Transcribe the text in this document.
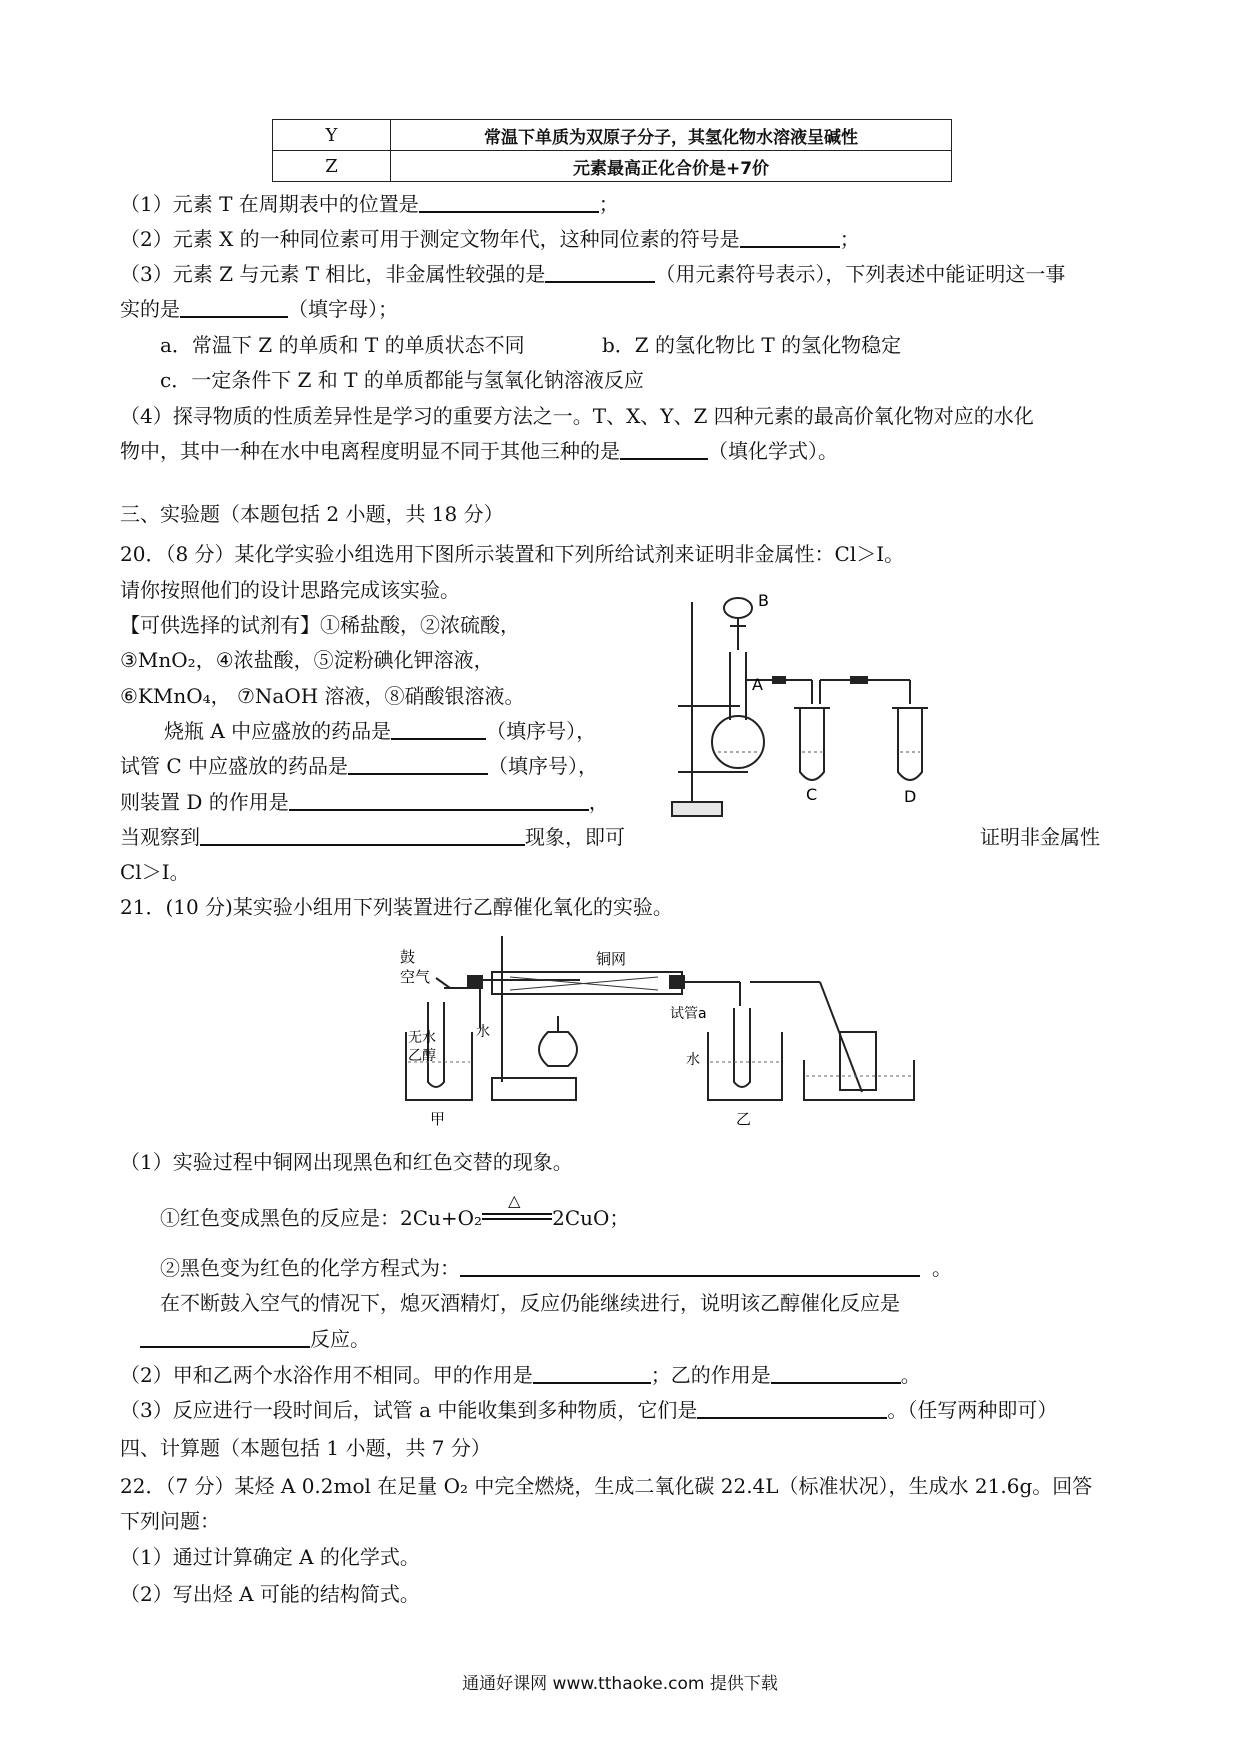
Y	常温下单质为双原子分子，其氢化物水溶液呈碱性
Z	元素最高正化合价是+7价
（1）元素 T 在周期表中的位置是	；
（2）元素 X 的一种同位素可用于测定文物年代，这种同位素的符号是	；
（3）元素 Z 与元素 T 相比，非金属性较强的是	（用元素符号表示），下列表述中能证明这一事
实的是	（填字母）；
a．常温下 Z 的单质和 T 的单质状态不同	b．Z 的氢化物比 T 的氢化物稳定
c．一定条件下 Z 和 T 的单质都能与氢氧化钠溶液反应
（4）探寻物质的性质差异性是学习的重要方法之一。T、X、Y、Z 四种元素的最高价氧化物对应的水化
物中，其中一种在水中电离程度明显不同于其他三种的是	（填化学式）。
三、实验题（本题包括 2 小题，共 18 分）
20．（8 分）某化学实验小组选用下图所示装置和下列所给试剂来证明非金属性：Cl＞I。
请你按照他们的设计思路完成该实验。
【可供选择的试剂有】①稀盐酸，②浓硫酸，
③MnO₂，④浓盐酸，⑤淀粉碘化钾溶液，
⑥KMnO₄， ⑦NaOH 溶液，⑧硝酸银溶液。
烧瓶 A 中应盛放的药品是	（填序号），
试管 C 中应盛放的药品是	（填序号），
则装置 D 的作用是	，
当观察到	现象，即可	证明非金属性
Cl＞I。
B
A
C	D
21．(10 分)某实验小组用下列装置进行乙醇催化氧化的实验。
鼓
空气
铜网
试管a
无水
乙醇
水
水
甲	乙
（1）实验过程中铜网出现黑色和红色交替的现象。
①红色变成黑色的反应是：2Cu+O₂
△
2CuO；
②黑色变为红色的化学方程式为：	。
在不断鼓入空气的情况下，熄灭酒精灯，反应仍能继续进行，说明该乙醇催化反应是
反应。
（2）甲和乙两个水浴作用不相同。甲的作用是	；乙的作用是	。
（3）反应进行一段时间后，试管 a 中能收集到多种物质，它们是	。（任写两种即可）
四、计算题（本题包括 1 小题，共 7 分）
22．（7 分）某烃 A 0.2mol 在足量 O₂ 中完全燃烧，生成二氧化碳 22.4L（标准状况），生成水 21.6g。回答
下列问题：
（1）通过计算确定 A 的化学式。
（2）写出烃 A 可能的结构简式。
通通好课网 www.tthaoke.com 提供下载
